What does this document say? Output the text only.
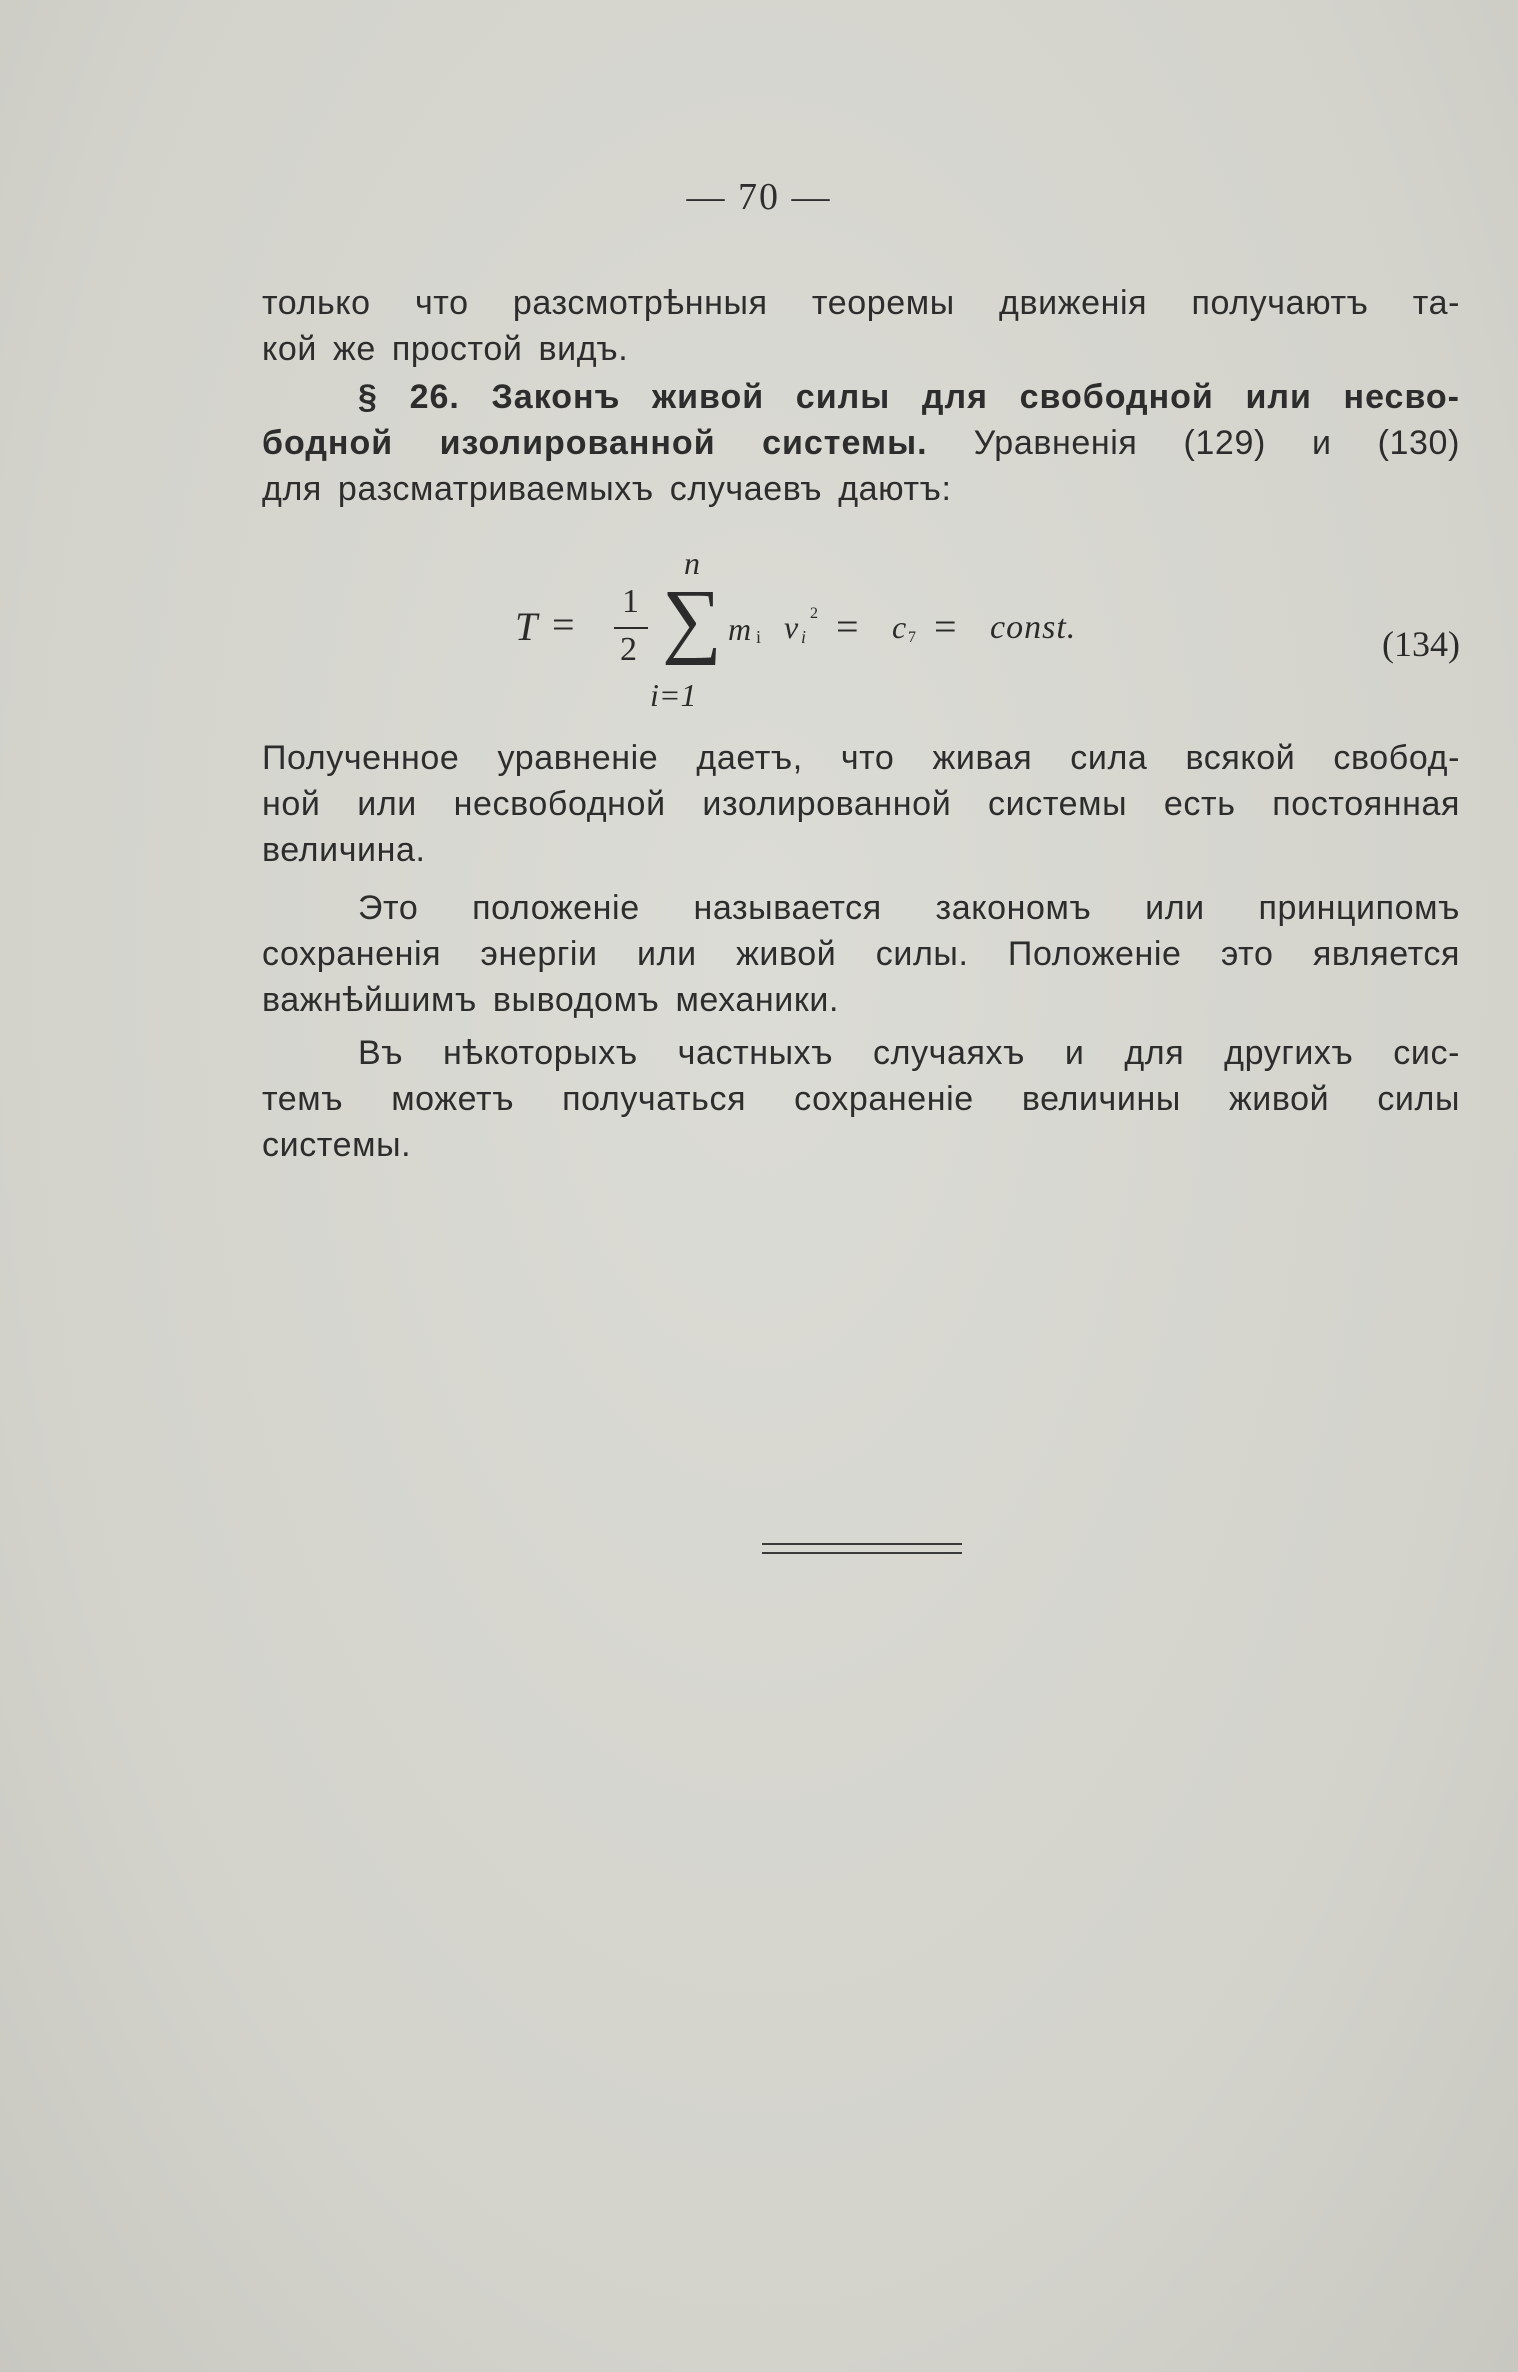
— 70 —
только что разсмотрѣнныя теоремы движенія получаютъ та-
кой же простой видъ.
§ 26. Законъ живой силы для свободной или несво-
бодной изолированной системы. Уравненія (129) и (130)
для разсматриваемыхъ случаевъ даютъ:
T =
1
2
n
∑
i=1
m i v i
2 = c 7 = const.	(134)
Полученное уравненіе даетъ, что живая сила всякой свобод-
ной или несвободной изолированной системы есть постоянная
величина.
Это положеніе называется закономъ или принципомъ
сохраненія энергіи или живой силы. Положеніе это является
важнѣйшимъ выводомъ механики.
Въ нѣкоторыхъ частныхъ случаяхъ и для другихъ сис-
темъ можетъ получаться сохраненіе величины живой силы
системы.
